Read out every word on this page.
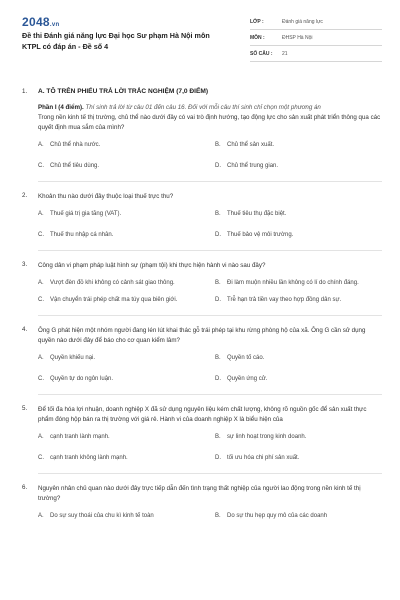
2048.vn
Đề thi Đánh giá năng lực Đại học Sư phạm Hà Nội môn KTPL có đáp án - Đề số 4
LỚP :	Đánh giá năng lực
MÔN :	ĐHSP Hà Nội
SỐ CÂU :	21
1.	A. TÔ TRÊN PHIẾU TRẢ LỜI TRẮC NGHIỆM (7,0 ĐIỂM)
Phần I (4 điểm). Thí sinh trả lời từ câu 01 đến câu 16. Đối với mỗi câu thí sinh chỉ chọn một phương án
Trong nền kinh tế thị trường, chủ thể nào dưới đây có vai trò định hướng, tạo động lực cho sản xuất phát triển thông qua các quyết định mua sắm của mình?
A.	Chủ thể nhà nước.	B.	Chủ thể sản xuất.
C.	Chủ thể tiêu dùng.	D.	Chủ thể trung gian.
2.	Khoản thu nào dưới đây thuộc loại thuế trực thu?
A.	Thuế giá trị gia tăng (VAT).	B.	Thuế tiêu thụ đặc biệt.
C.	Thuế thu nhập cá nhân.	D.	Thuế bảo vệ môi trường.
3.	Công dân vi phạm pháp luật hình sự (phạm tội) khi thực hiện hành vi nào sau đây?
A.	Vượt đèn đỏ khi không có cảnh sát giao thông.	B.	Đi làm muộn nhiều lần không có lí do chính đáng.
C.	Vận chuyển trái phép chất ma túy qua biên giới.	D.	Trễ hạn trả tiền vay theo hợp đồng dân sự.
4.	Ông G phát hiện một nhóm người đang lén lút khai thác gỗ trái phép tại khu rừng phòng hộ của xã. Ông G cần sử dụng quyền nào dưới đây để báo cho cơ quan kiểm lâm?
A.	Quyền khiếu nại.	B.	Quyền tố cáo.
C.	Quyền tự do ngôn luận.	D.	Quyền ứng cử.
5.	Để tối đa hóa lợi nhuận, doanh nghiệp X đã sử dụng nguyên liệu kém chất lượng, không rõ nguồn gốc để sản xuất thực phẩm đóng hộp bán ra thị trường với giá rẻ. Hành vi của doanh nghiệp X là biểu hiện của
A.	cạnh tranh lành mạnh.	B.	sự linh hoạt trong kinh doanh.
C.	cạnh tranh không lành mạnh.	D.	tối ưu hóa chi phí sản xuất.
6.	Nguyên nhân chủ quan nào dưới đây trực tiếp dẫn đến tình trạng thất nghiệp của người lao động trong nền kinh tế thị trường?
A.	Do sự suy thoái của chu kì kinh tế toàn	B.	Do sự thu hẹp quy mô của các doanh
